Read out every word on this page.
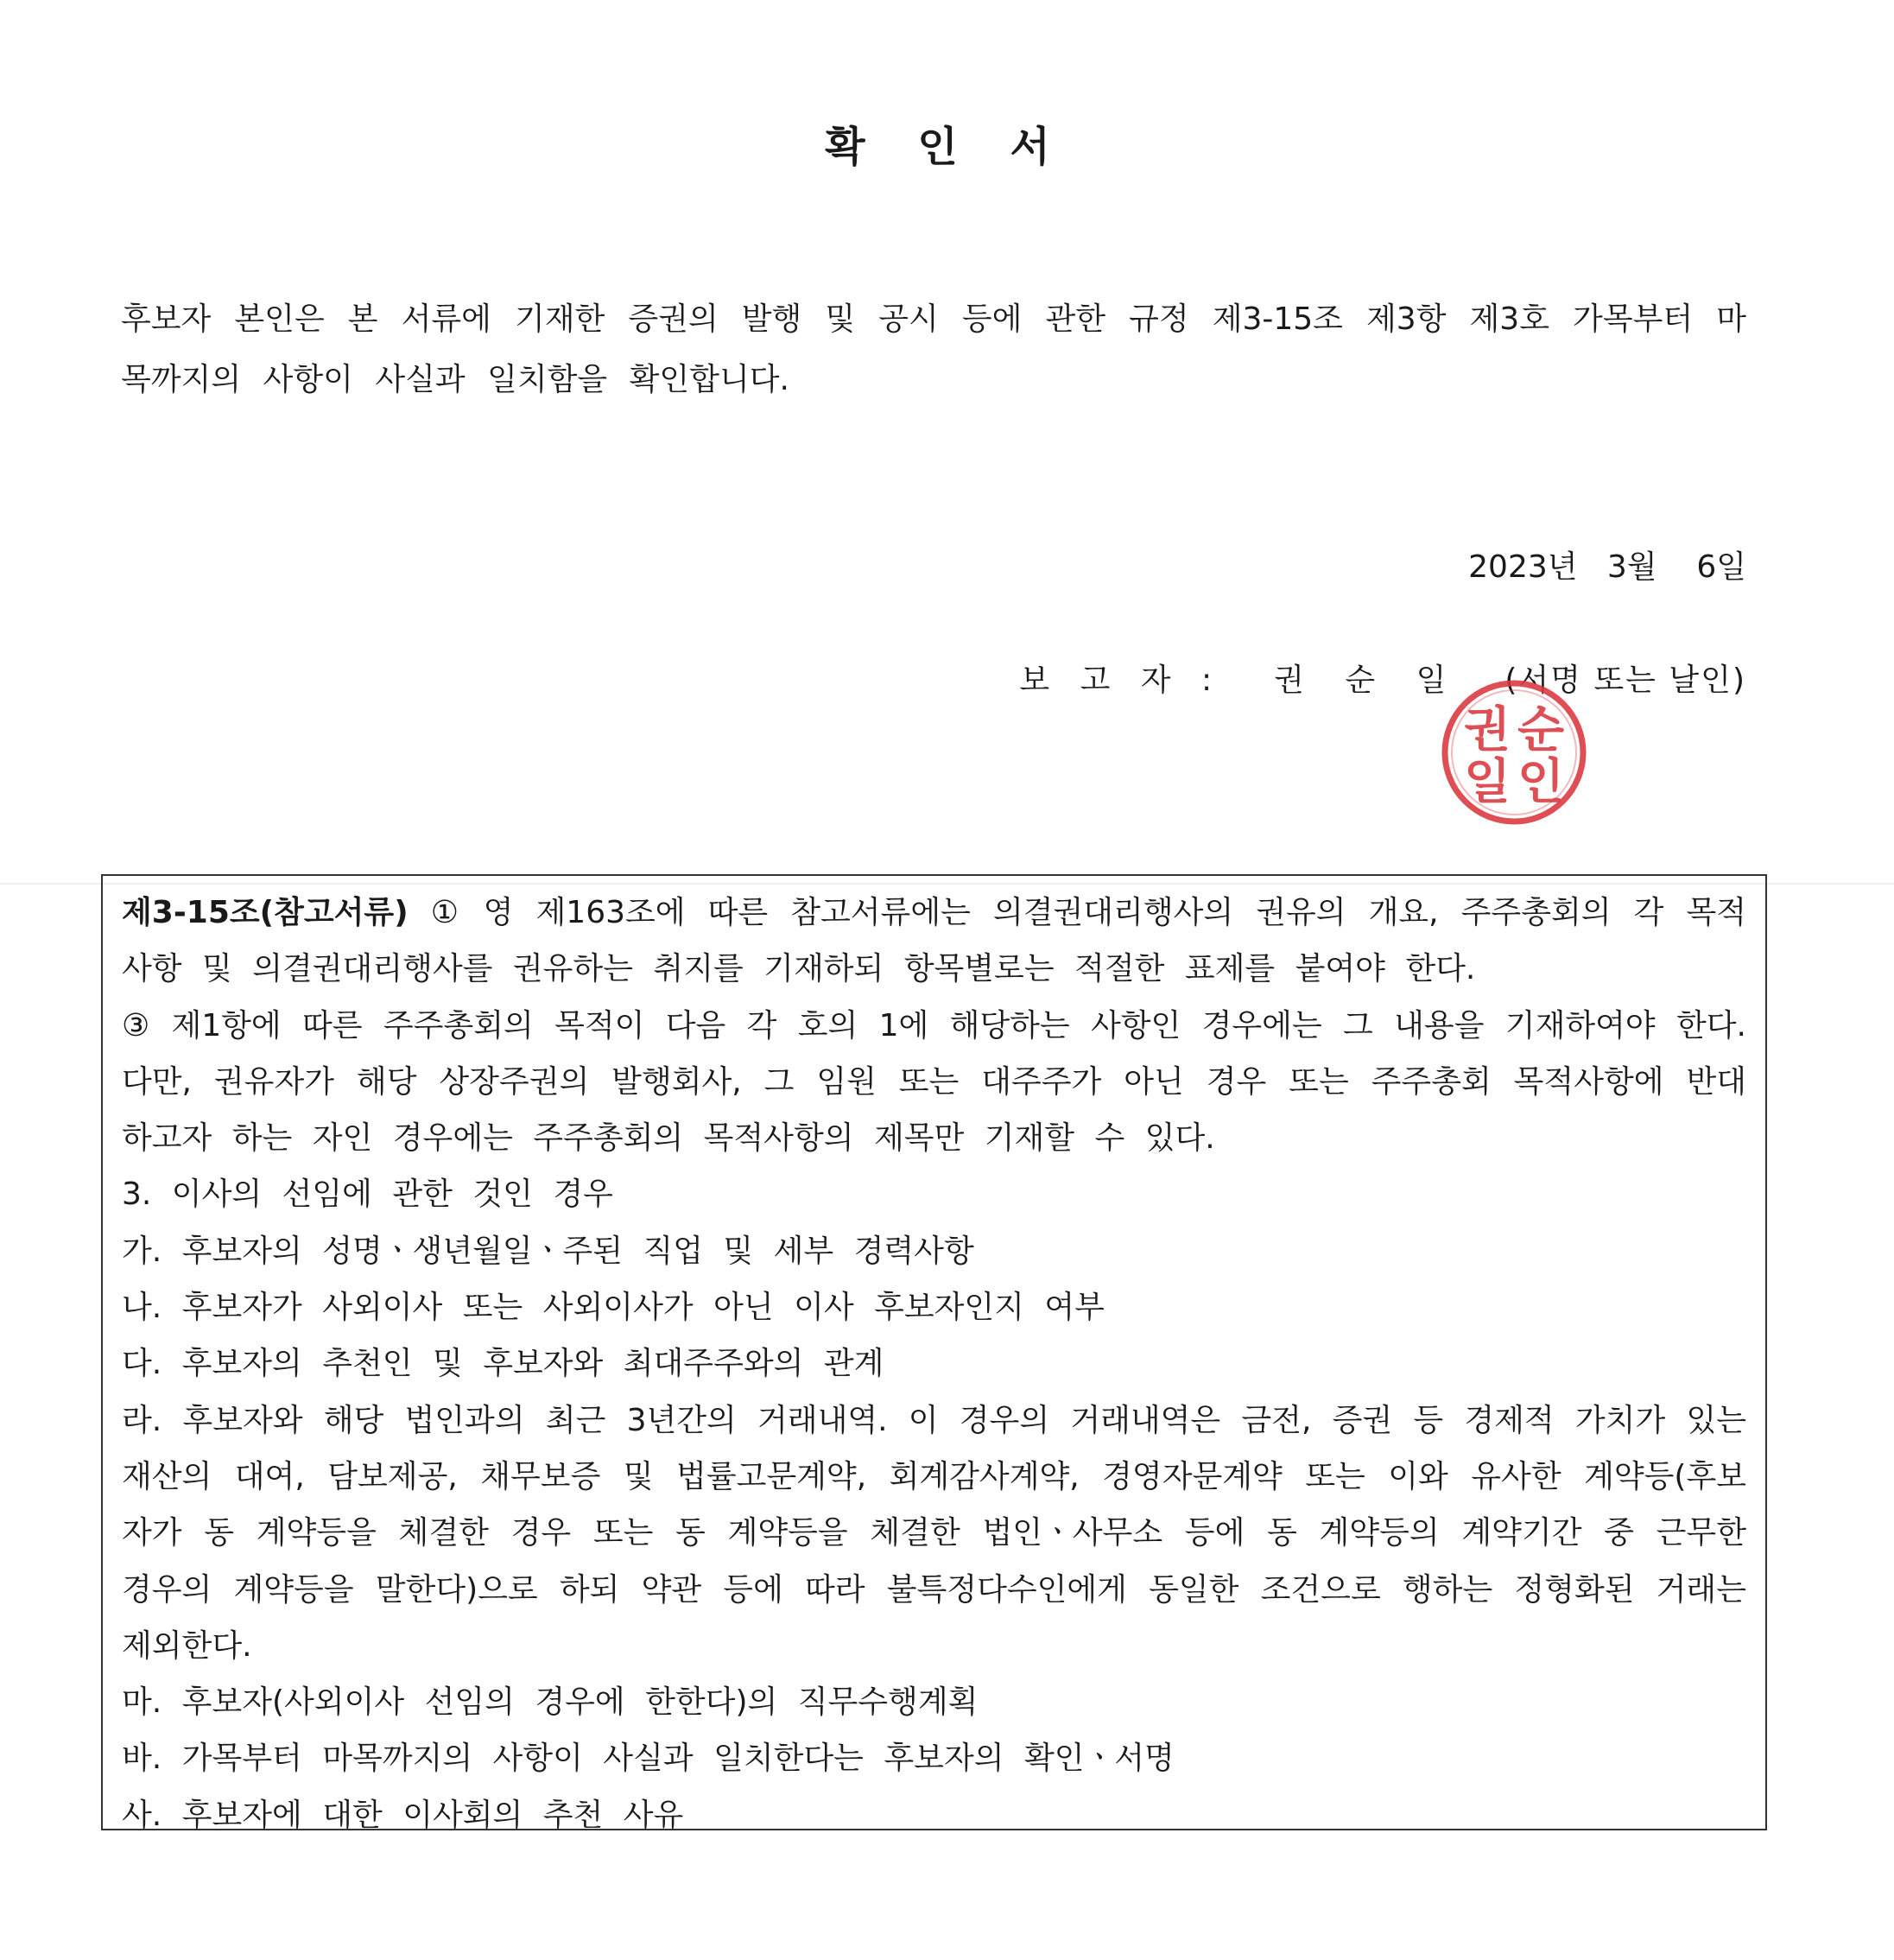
확 인 서
후보자 본인은 본 서류에 기재한 증권의 발행 및 공시 등에 관한 규정 제3-15조 제3항 제3호 가목부터 마목까지의 사항이 사실과 일치함을 확인합니다.
2023년   3월    6일
보 고 자 : 권 순 일 (서명 또는 날인)
권 순
일 인
제3-15조(참고서류) ① 영 제163조에 따른 참고서류에는 의결권대리행사의 권유의 개요, 주주총회의 각 목적사항 및 의결권대리행사를 권유하는 취지를 기재하되 항목별로는 적절한 표제를 붙여야 한다.
③ 제1항에 따른 주주총회의 목적이 다음 각 호의 1에 해당하는 사항인 경우에는 그 내용을 기재하여야 한다. 다만, 권유자가 해당 상장주권의 발행회사, 그 임원 또는 대주주가 아닌 경우 또는 주주총회 목적사항에 반대하고자 하는 자인 경우에는 주주총회의 목적사항의 제목만 기재할 수 있다.
3. 이사의 선임에 관한 것인 경우
가. 후보자의 성명ㆍ생년월일ㆍ주된 직업 및 세부 경력사항
나. 후보자가 사외이사 또는 사외이사가 아닌 이사 후보자인지 여부
다. 후보자의 추천인 및 후보자와 최대주주와의 관계
라. 후보자와 해당 법인과의 최근 3년간의 거래내역. 이 경우의 거래내역은 금전, 증권 등 경제적 가치가 있는 재산의 대여, 담보제공, 채무보증 및 법률고문계약, 회계감사계약, 경영자문계약 또는 이와 유사한 계약등(후보자가 동 계약등을 체결한 경우 또는 동 계약등을 체결한 법인ㆍ사무소 등에 동 계약등의 계약기간 중 근무한 경우의 계약등을 말한다)으로 하되 약관 등에 따라 불특정다수인에게 동일한 조건으로 행하는 정형화된 거래는 제외한다.
마. 후보자(사외이사 선임의 경우에 한한다)의 직무수행계획
바. 가목부터 마목까지의 사항이 사실과 일치한다는 후보자의 확인ㆍ서명
사. 후보자에 대한 이사회의 추천 사유
